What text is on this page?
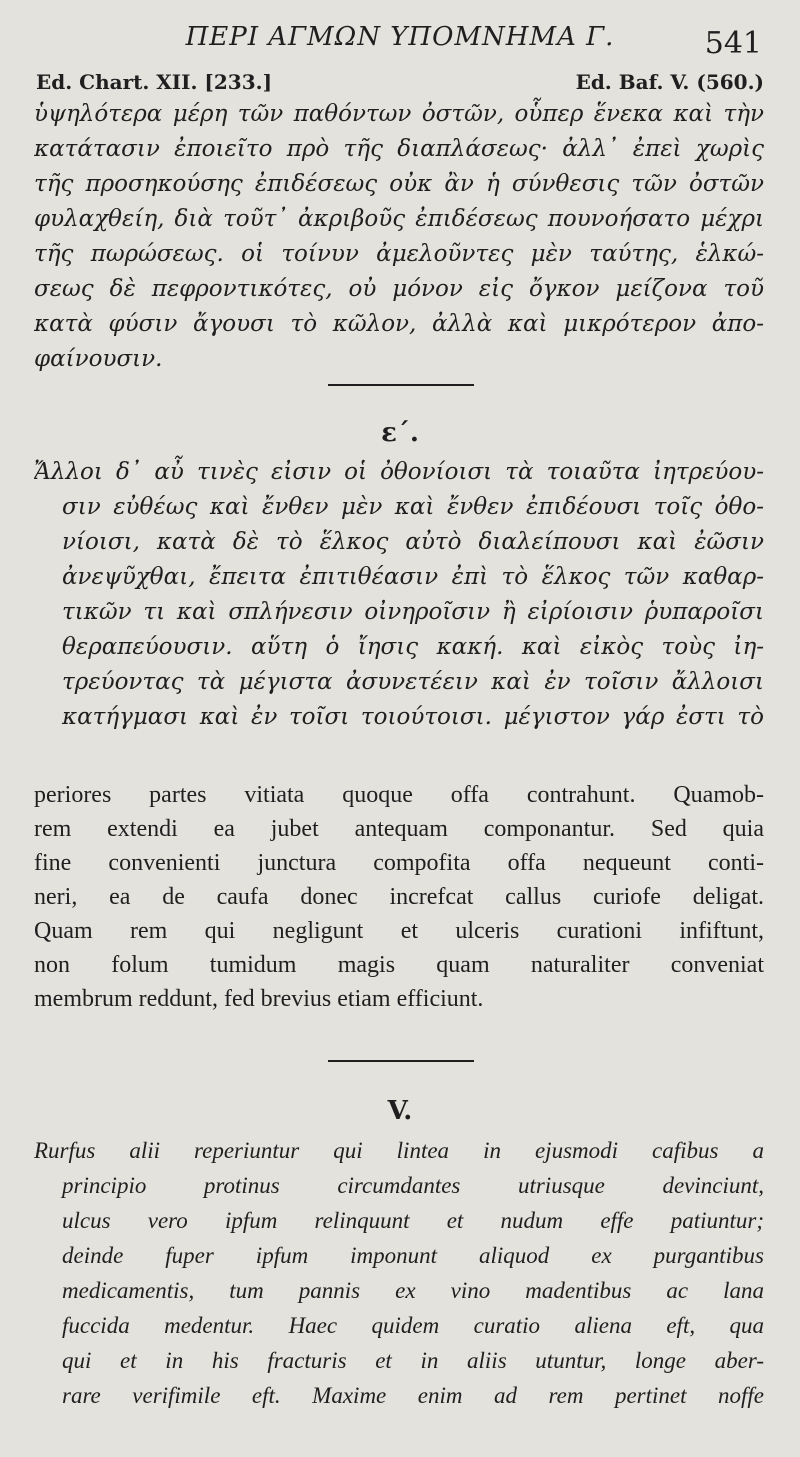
ΠΕΡΙ ΑΓΜΩΝ ΥΠΟΜΝΗΜΑ Γ.	541
Ed. Chart. XII. [233.]	Ed. Baf. V. (560.)
ὑψηλότερα μέρη τῶν παθόντων ὀστῶν, οὗπερ ἕνεκα καὶ τὴν
κατάτασιν ἐποιεῖτο πρὸ τῆς διαπλάσεως· ἀλλ᾽ ἐπεὶ χωρὶς
τῆς προσηκούσης ἐπιδέσεως οὐκ ἂν ἡ σύνθεσις τῶν ὀστῶν
φυλαχθείη, διὰ τοῦτ᾽ ἀκριβοῦς ἐπιδέσεως πουνοήσατο μέχρι
τῆς πωρώσεως. οἱ τοίνυν ἀμελοῦντες μὲν ταύτης, ἑλκώ-
σεως δὲ πεφροντικότες, οὐ μόνον εἰς ὄγκον μείζονα τοῦ
κατὰ φύσιν ἄγουσι τὸ κῶλον, ἀλλὰ καὶ μικρότερον ἀπο-
φαίνουσιν.
ε΄.
Ἄλλοι δ᾽ αὖ τινὲς εἰσιν οἱ ὀθονίοισι τὰ τοιαῦτα ἰητρεύου-
σιν εὐθέως καὶ ἔνθεν μὲν καὶ ἔνθεν ἐπιδέουσι τοῖς ὀθο-
νίοισι, κατὰ δὲ τὸ ἕλκος αὐτὸ διαλείπουσι καὶ ἐῶσιν
ἀνεψῦχθαι, ἔπειτα ἐπιτιθέασιν ἐπὶ τὸ ἕλκος τῶν καθαρ-
τικῶν τι καὶ σπλήνεσιν οἰνηροῖσιν ἢ εἰρίοισιν ῥυπαροῖσι
θεραπεύουσιν. αὕτη ὁ ἴησις κακή. καὶ εἰκὸς τοὺς ἰη-
τρεύοντας τὰ μέγιστα ἀσυνετέειν καὶ ἐν τοῖσιν ἄλλοισι
κατήγμασι καὶ ἐν τοῖσι τοιούτοισι. μέγιστον γάρ ἐστι τὸ
periores partes vitiata quoque offa contrahunt. Quamob-
rem extendi ea jubet antequam componantur. Sed quia
fine convenienti junctura compofita offa nequeunt conti-
neri, ea de caufa donec increfcat callus curiofe deligat.
Quam rem qui negligunt et ulceris curationi infiftunt,
non folum tumidum magis quam naturaliter conveniat
membrum reddunt, fed brevius etiam efficiunt.
V.
Rurfus alii reperiuntur qui lintea in ejusmodi cafibus a
principio protinus circumdantes utriusque devinciunt,
ulcus vero ipfum relinquunt et nudum effe patiuntur;
deinde fuper ipfum imponunt aliquod ex purgantibus
medicamentis, tum pannis ex vino madentibus ac lana
fuccida medentur. Haec quidem curatio aliena eft, qua
qui et in his fracturis et in aliis utuntur, longe aber-
rare verifimile eft. Maxime enim ad rem pertinet noffe
